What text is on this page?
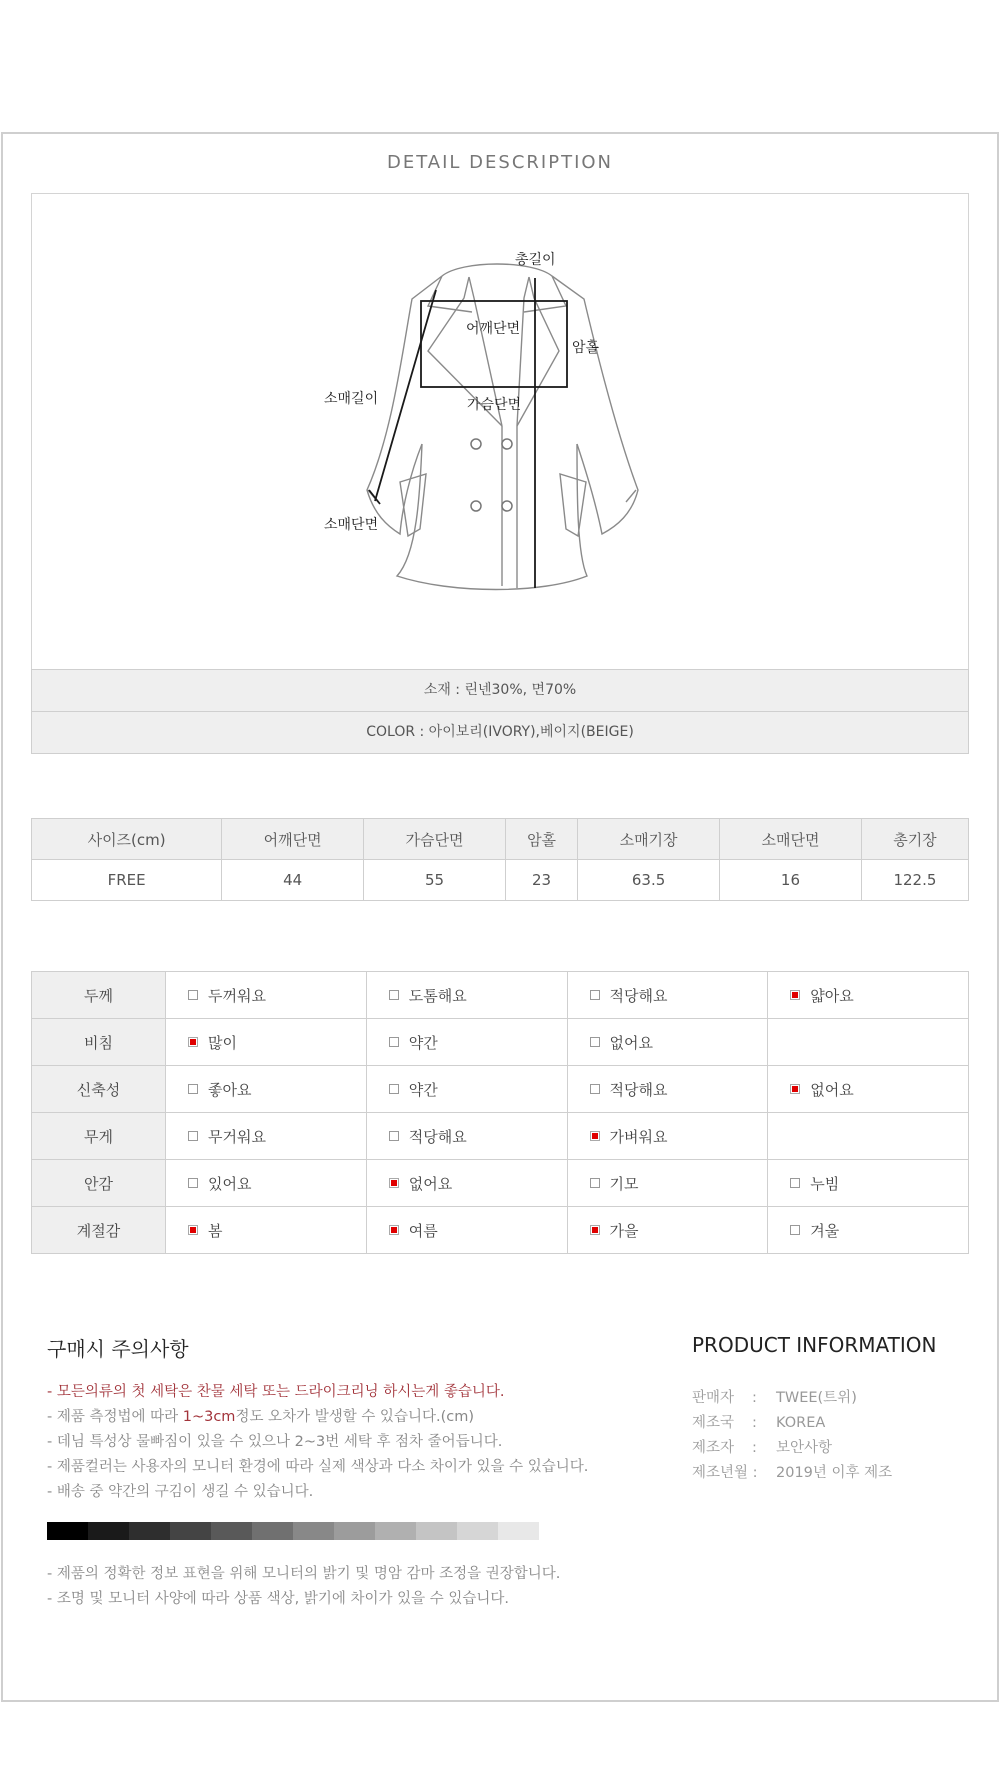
DETAIL DESCRIPTION
총길이
어깨단면
암홀
소매길이	가슴단면
소매단면
소재 : 린넨30%, 면70%
COLOR : 아이보리(IVORY),베이지(BEIGE)
사이즈(cm)	어깨단면	가슴단면	암홀	소매기장	소매단면	총기장
FREE	44	55	23	63.5	16	122.5
두께	두꺼워요	도톰해요	적당해요	얇아요
비침	많이	약간	없어요	
신축성	좋아요	약간	적당해요	없어요
무게	무거워요	적당해요	가벼워요	
안감	있어요	없어요	기모	누빔
계절감	봄	여름	가을	겨울
구매시 주의사항
- 모든의류의 첫 세탁은 찬물 세탁 또는 드라이크리닝 하시는게 좋습니다.
- 제품 측정법에 따라 1~3cm정도 오차가 발생할 수 있습니다.(cm)
- 데님 특성상 물빠짐이 있을 수 있으나 2~3번 세탁 후 점차 줄어듭니다.
- 제품컬러는 사용자의 모니터 환경에 따라 실제 색상과 다소 차이가 있을 수 있습니다.
- 배송 중 약간의 구김이 생길 수 있습니다.
- 제품의 정확한 정보 표현을 위해 모니터의 밝기 및 명암 감마 조정을 권장합니다.
- 조명 및 모니터 사양에 따라 상품 색상, 밝기에 차이가 있을 수 있습니다.
PRODUCT INFORMATION
판매자	:	TWEE(트위)
제조국	:	KOREA
제조자	:	보안사항
제조년월 :	2019년 이후 제조
